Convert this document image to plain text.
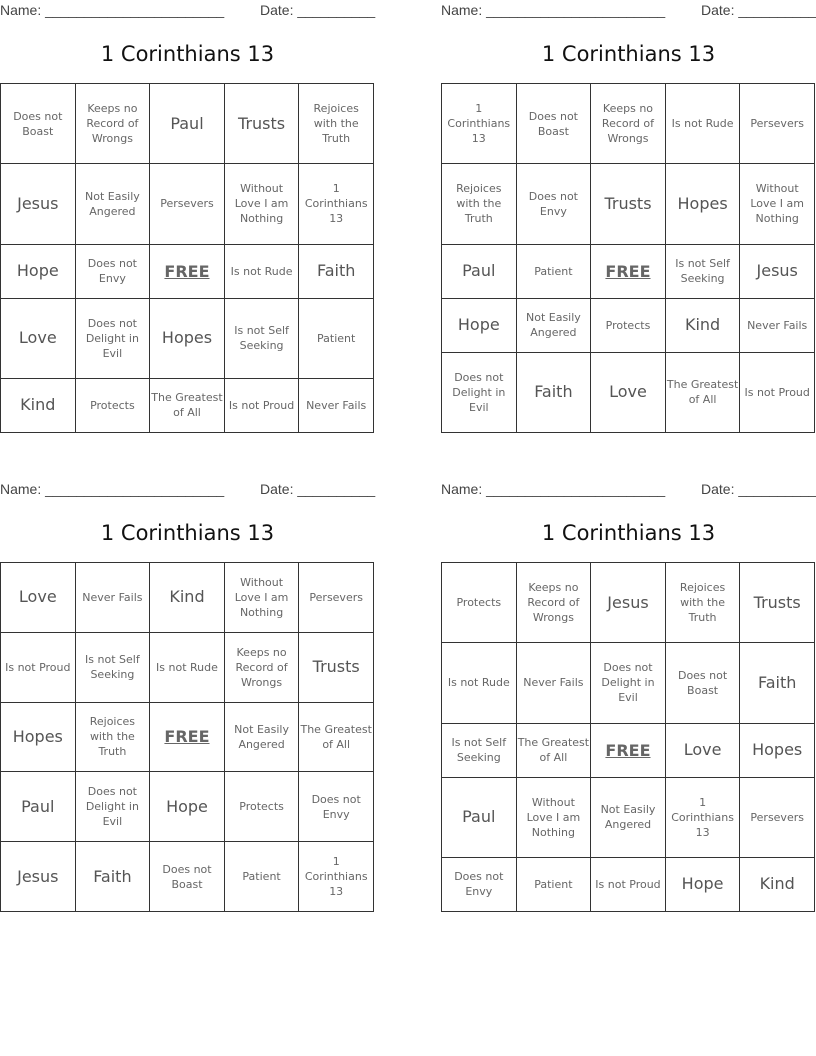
Name: _______________________	Date: __________
1 Corinthians 13
Does not Boast	Keeps no Record of Wrongs	Paul	Trusts	Rejoices with the Truth
Jesus	Not Easily Angered	Persevers	Without Love I am Nothing	1 Corinthians 13
Hope	Does not Envy	FREE	Is not Rude	Faith
Love	Does not Delight in Evil	Hopes	Is not Self Seeking	Patient
Kind	Protects	The Greatest of All	Is not Proud	Never Fails
Name: _______________________	Date: __________
1 Corinthians 13
1 Corinthians 13	Does not Boast	Keeps no Record of Wrongs	Is not Rude	Persevers
Rejoices with the Truth	Does not Envy	Trusts	Hopes	Without Love I am Nothing
Paul	Patient	FREE	Is not Self Seeking	Jesus
Hope	Not Easily Angered	Protects	Kind	Never Fails
Does not Delight in Evil	Faith	Love	The Greatest of All	Is not Proud
Name: _______________________	Date: __________
1 Corinthians 13
Love	Never Fails	Kind	Without Love I am Nothing	Persevers
Is not Proud	Is not Self Seeking	Is not Rude	Keeps no Record of Wrongs	Trusts
Hopes	Rejoices with the Truth	FREE	Not Easily Angered	The Greatest of All
Paul	Does not Delight in Evil	Hope	Protects	Does not Envy
Jesus	Faith	Does not Boast	Patient	1 Corinthians 13
Name: _______________________	Date: __________
1 Corinthians 13
Protects	Keeps no Record of Wrongs	Jesus	Rejoices with the Truth	Trusts
Is not Rude	Never Fails	Does not Delight in Evil	Does not Boast	Faith
Is not Self Seeking	The Greatest of All	FREE	Love	Hopes
Paul	Without Love I am Nothing	Not Easily Angered	1 Corinthians 13	Persevers
Does not Envy	Patient	Is not Proud	Hope	Kind
